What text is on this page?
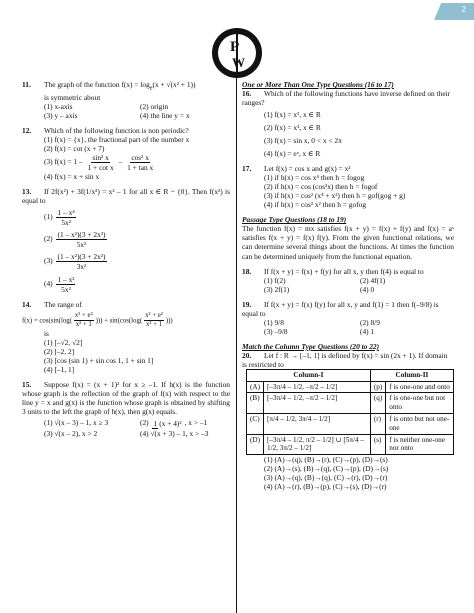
2
P
W
11. The graph of the function $f(x) = \log_e(x + √(x^2 + 1))$
is symmetric about
(1) x-axis	(2) origin
(3) y – axis	(4) the line y = x
12. Which of the following function is non periodic?
(1) f(x) = {x}, the fractional part of the number x
(2) f(x) = cot (x + 7)
(3) $f(x) = 1 - \frac{\text{sin² x}}{\text{1 + cot x}} - \frac{\text{cos² x}}{\text{1 + tan x}}$
(4) f(x) = x + sin x
13. If 2f(x²) + 3f(1/x²) = x² – 1 for all x ∈ R ~ {0}. Then f(x²) is equal to
$(1) \frac{\text{1 – x⁴}}{\text{5x²}}$
$(2) \frac{\text{(1 – x²)(3 + 2x²)}}{\text{5x²}}$
$(3) \frac{\text{(1 – x²)(3 + 2x²)}}{\text{3x²}}$
$(4) \frac{\text{1 – x²}}{\text{5x²}}$
14. The range of
$f(x) = \cos(\sin(\log( \frac{\text{x² + e²}}{\text{x² + 1}}$ ))) + $\sin(\cos(\log( \frac{\text{x² + e²}}{\text{x² + 1}}$ )))
is
(1) [–√2, √2]
(2) [–2, 2]
(3) [cos (sin 1) + sin cos 1, 1 + sin 1]
(4) [–1, 1]
15. Suppose f(x) = (x + 1)² for x ≥ –1. If h(x) is the function whose graph is the reflection of the graph of f(x) with respect to the line y = x and g(x) is the function whose graph is obtained by shifting 3 units to the left the graph of h(x), then g(x) equals.
(1) √(x – 3) – 1, x ≥ 3	(2) 1 (x + 4)² , x > –1
(3) √(x – 2), x > 2	(4) √(x + 3) – 1, x > –3
One or More Than One Type Questions (16 to 17)
16. Which of the following functions have inverse defined on their ranges?
(1) f(x) = x², x ∈ R
(2) f(x) = x³, x ∈ R
(3) f(x) = sin x, 0 < x < 2π
(4) f(x) = eˣ, x ∈ R
17. Let f(x) = cos x and g(x) = x²
(1) if h(x) = cos x⁴ then h = fogog
(2) if h(x) = cos (cos²x) then h = fogof
(3) if h(x) = cos² (x⁴ + x²) then h = gof(gog + g)
(4) if h(x) = cos² x² then h = gofog
Passage Type Questions (18 to 19)
The function f(x) = mx satisfies f(x + y) = f(x) + f(y) and f(x) = aˣ satisfies f(x + y) = f(x) f(y). From the given functional relations, we can determine several things about the functions. At times the function can be determined uniquely from the functional equation.
18. If f(x + y) = f(x) + f(y) for all x, y then f(4) is equal to
(1) f(2)	(2) 4f(1)
(3) 2f(1)	(4) 0
19. If f(x + y) = f(x) f(y) for all x, y and f(1) = 1 then f(–9/8) is equal to
(1) 9/8	(2) 8/9
(3) –9/8	(4) 1
Match the Column Type Questions (20 to 22)
20. Let f : R → [–1, 1] is defined by f(x) = sin (2x + 1). If domain is restricted to
Column-I		Column-II	
(A)	[–3π/4 – 1/2, –π/2 – 1/2]	(p)	f is one-one and onto
(B)	[–3π/4 – 1/2, –π/2 – 1/2]	(q)	f is one-one but not onto
(C)	[π/4 – 1/2, 3π/4 – 1/2]	(r)	f is onto but not one-one
(D)	[–3π/4 – 1/2, π/2 – 1/2] ∪ [5π/4 – 1/2, 3π/2 – 1/2]	(s)	f is neither one-one nor onto
(1) (A)→(q), (B)→(r), (C)→(p), (D)→(s)
(2) (A)→(s), (B)→(q), (C)→(p), (D)→(s)
(3) (A)→(q), (B)→(q), (C)→(r), (D)→(r)
(4) (A)→(r), (B)→(p), (C)→(s), (D)→(r)
